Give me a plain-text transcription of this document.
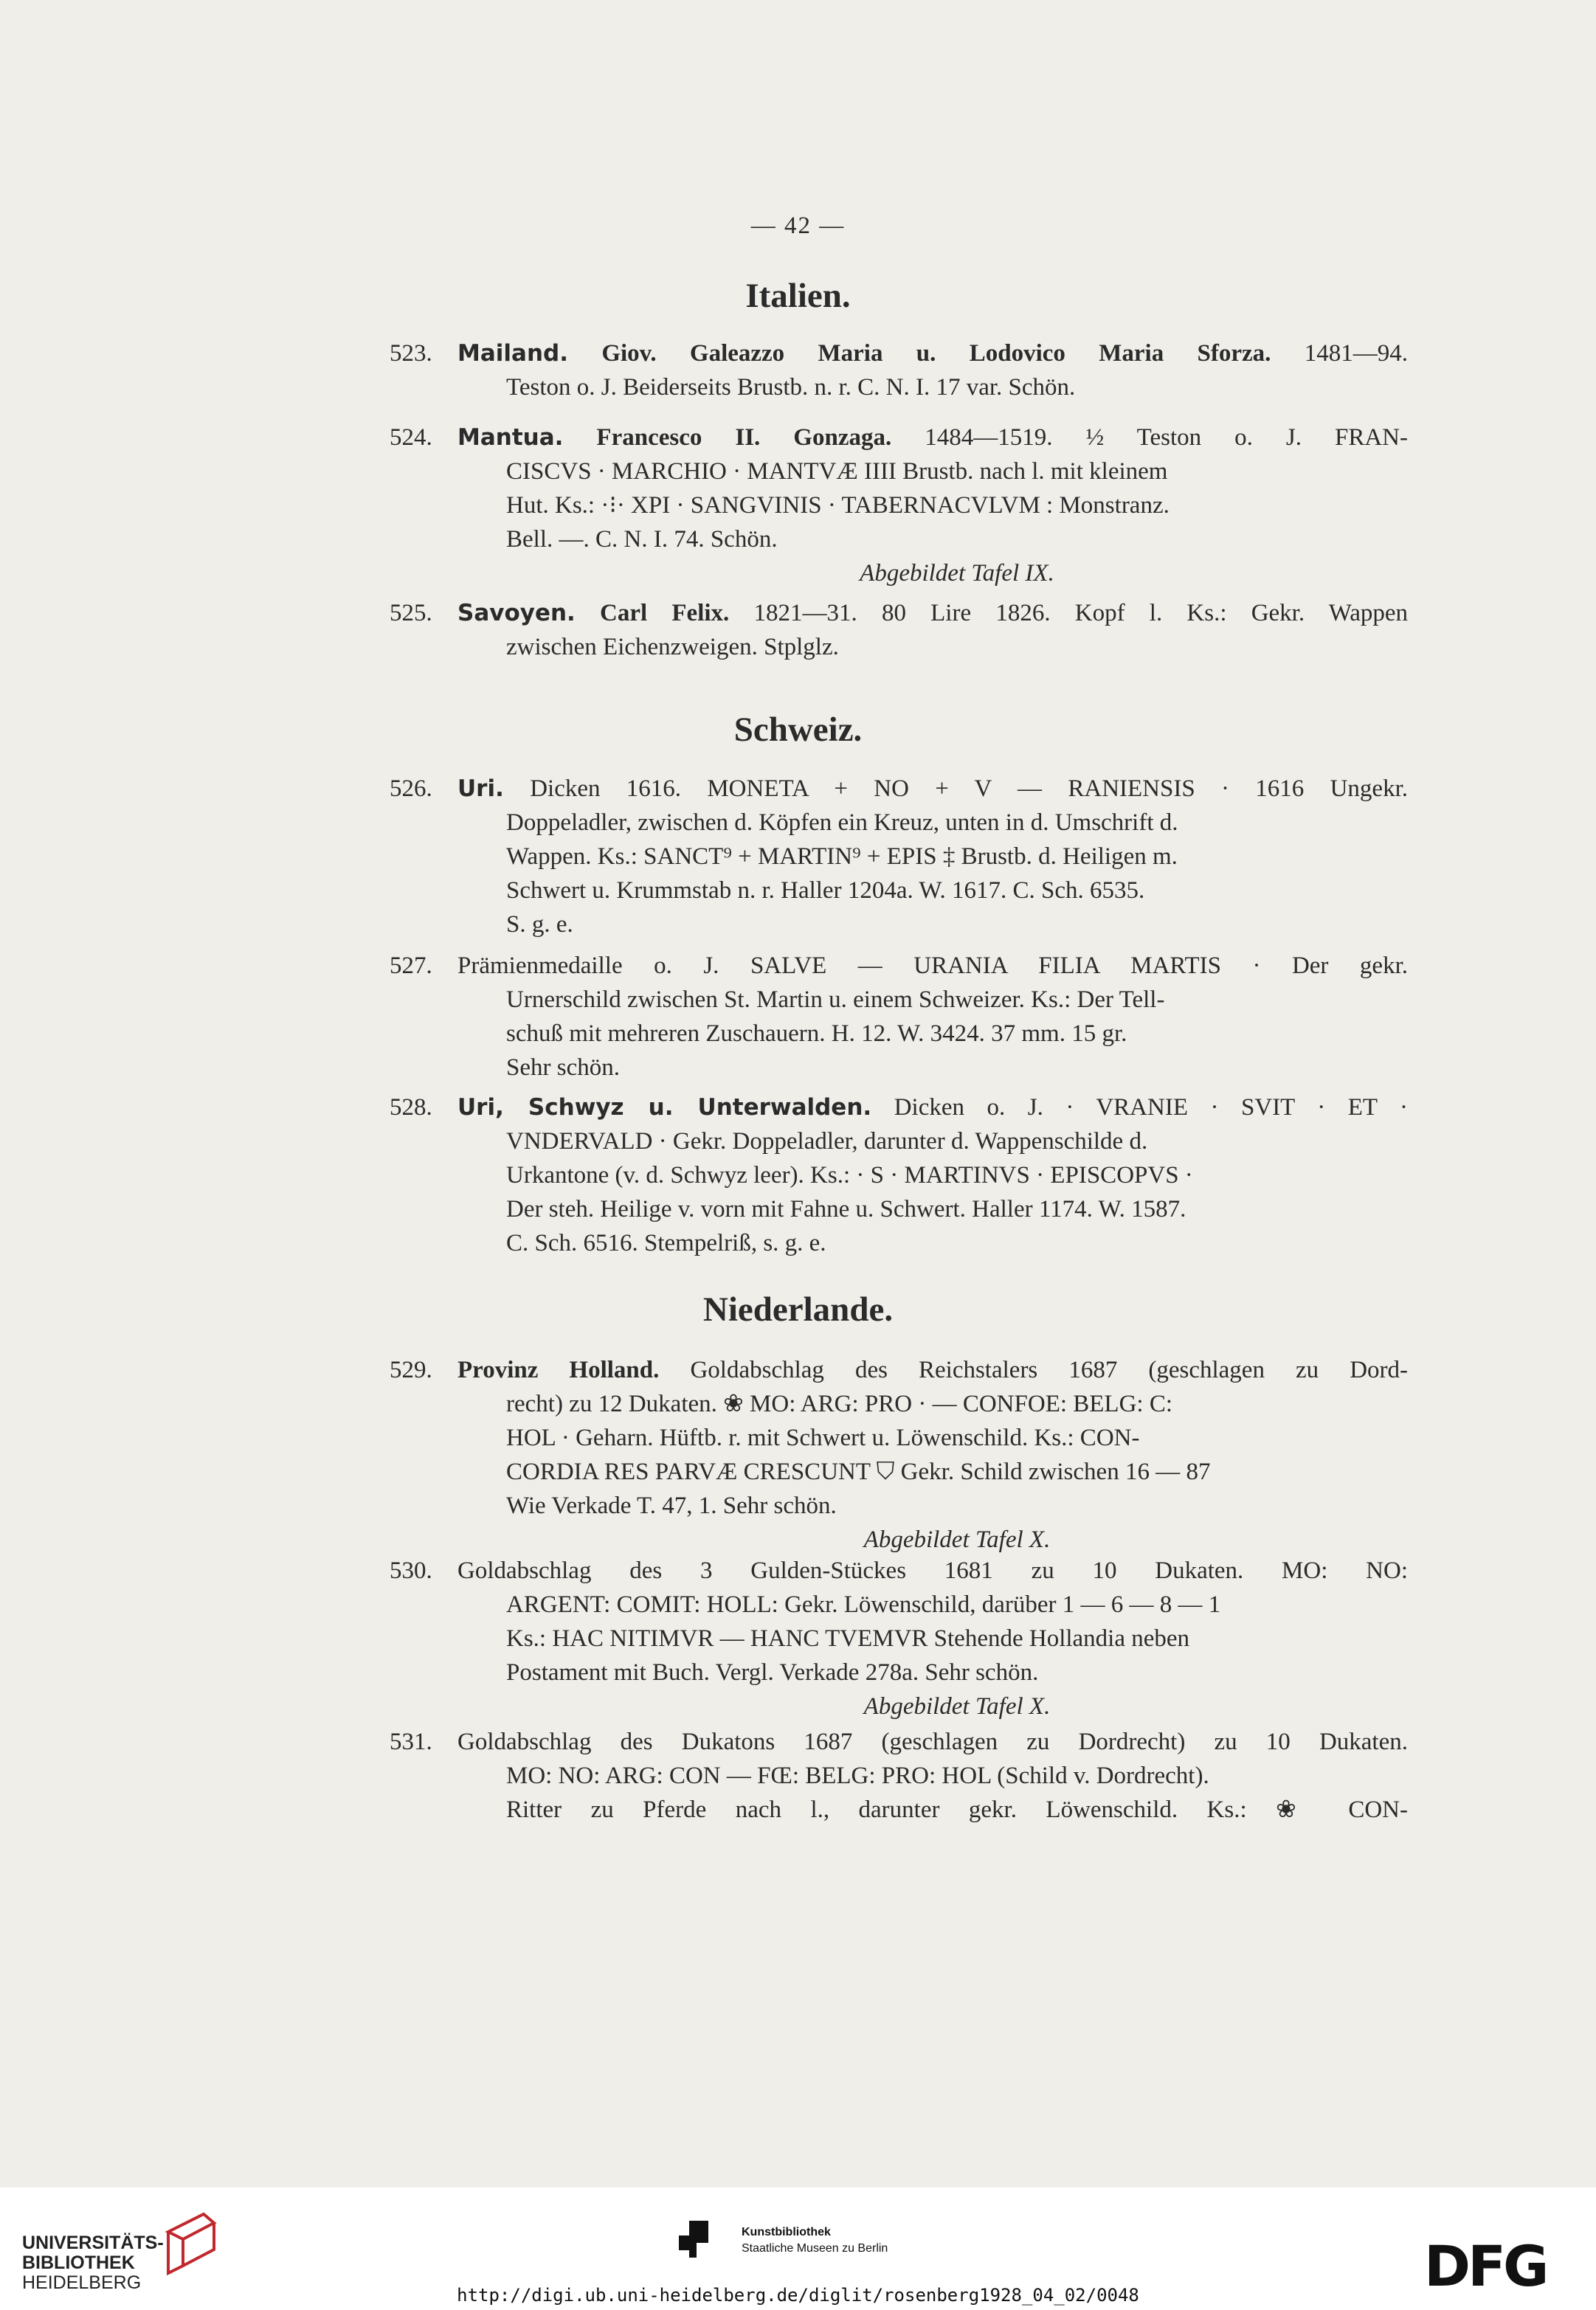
— 42 —
Italien.
523.	Mailand. Giov. Galeazzo Maria u. Lodovico Maria Sforza. 1481—94.

Teston o. J. Beiderseits Brustb. n. r. C. N. I. 17 var. Schön.

524.	Mantua. Francesco II. Gonzaga. 1484—1519. ½ Teston o. J. FRAN-

CISCVS · MARCHIO · MANTVÆ IIII Brustb. nach l. mit kleinem

Hut. Ks.: ·⁝· XPI · SANGVINIS · TABERNACVLVM : Monstranz.

Bell. —. C. N. I. 74. Schön.

Abgebildet Tafel IX.

525.	Savoyen. Carl Felix. 1821—31. 80 Lire 1826. Kopf l. Ks.: Gekr. Wappen

zwischen Eichenzweigen. Stplglz.

Schweiz.
526.	Uri. Dicken 1616. MONETA + NO + V — RANIENSIS · 1616 Ungekr.

Doppeladler, zwischen d. Köpfen ein Kreuz, unten in d. Umschrift d.

Wappen. Ks.: SANCT⁹ + MARTIN⁹ + EPIS ‡ Brustb. d. Heiligen m.

Schwert u. Krummstab n. r. Haller 1204a. W. 1617. C. Sch. 6535.

S. g. e.

527.	Prämienmedaille o. J. SALVE — URANIA FILIA MARTIS · Der gekr.

Urnerschild zwischen St. Martin u. einem Schweizer. Ks.: Der Tell-

schuß mit mehreren Zuschauern. H. 12. W. 3424. 37 mm. 15 gr.

Sehr schön.

528.	Uri, Schwyz u. Unterwalden. Dicken o. J. · VRANIE · SVIT · ET ·

VNDERVALD · Gekr. Doppeladler, darunter d. Wappenschilde d.

Urkantone (v. d. Schwyz leer). Ks.: · S · MARTINVS · EPISCOPVS ·

Der steh. Heilige v. vorn mit Fahne u. Schwert. Haller 1174. W. 1587.

C. Sch. 6516. Stempelriß, s. g. e.

Niederlande.
529.	Provinz Holland. Goldabschlag des Reichstalers 1687 (geschlagen zu Dord-

recht) zu 12 Dukaten. ❀ MO: ARG: PRO · — CONFOE: BELG: C:

HOL · Geharn. Hüftb. r. mit Schwert u. Löwenschild. Ks.: CON-

CORDIA RES PARVÆ CRESCUNT ⛉ Gekr. Schild zwischen 16 — 87

Wie Verkade T. 47, 1. Sehr schön.

Abgebildet Tafel X.

530.	Goldabschlag des 3 Gulden-Stückes 1681 zu 10 Dukaten. MO: NO:

ARGENT: COMIT: HOLL: Gekr. Löwenschild, darüber 1 — 6 — 8 — 1

Ks.: HAC NITIMVR — HANC TVEMVR Stehende Hollandia neben

Postament mit Buch. Vergl. Verkade 278a. Sehr schön.

Abgebildet Tafel X.

531.	Goldabschlag des Dukatons 1687 (geschlagen zu Dordrecht) zu 10 Dukaten.

MO: NO: ARG: CON — FŒ: BELG: PRO: HOL (Schild v. Dordrecht).

Ritter zu Pferde nach l., darunter gekr. Löwenschild. Ks.: ❀ CON-

UNIVERSITÄTS-
BIBLIOTHEK
HEIDELBERG
Kunstbibliothek
Staatliche Museen zu Berlin	DFG
http://digi.ub.uni-heidelberg.de/diglit/rosenberg1928_04_02/0048
